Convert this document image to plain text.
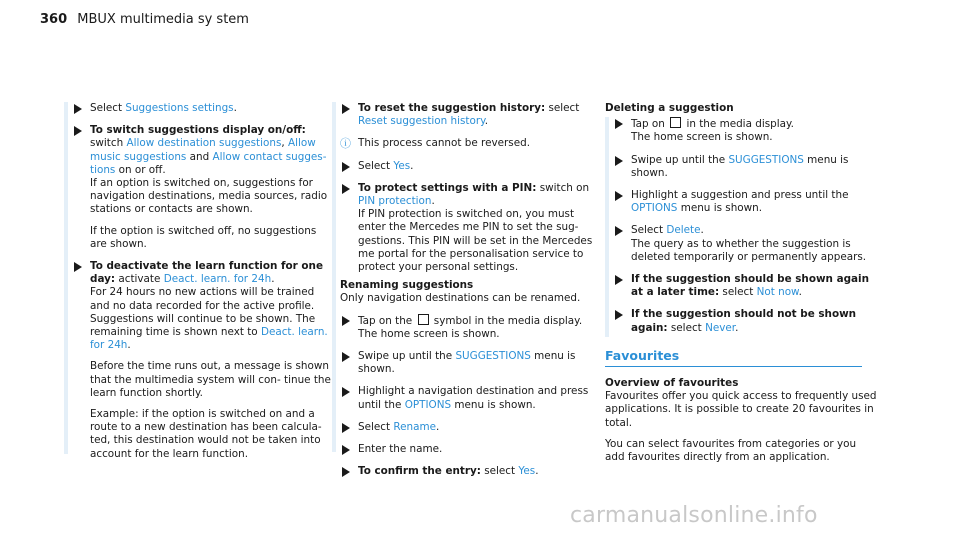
360 MBUX multimedia sy stem
Select Suggestions settings.
To switch suggestions display on/off:
switch Allow destination suggestions, Allow music suggestions and Allow contact sugges- tions on or off.

If an option is switched on, suggestions for navigation destinations, media sources, radio stations or contacts are shown.

If the option is switched off, no suggestions are shown.

To deactivate the learn function for one day: activate Deact. learn. for 24h.

For 24 hours no new actions will be trained and no data recorded for the active profile. Suggestions will continue to be shown. The remaining time is shown next to Deact. learn. for 24h.

Before the time runs out, a message is shown that the multimedia system will con- tinue the learn function shortly.

Example: if the option is switched on and a route to a new destination has been calcula- ted, this destination would not be taken into account for the learn function.

To reset the suggestion history: select Reset suggestion history.
ⓘ This process cannot be reversed.
Select Yes.
To protect settings with a PIN: switch on PIN protection.

If PIN protection is switched on, you must enter the Mercedes me PIN to set the sug- gestions. This PIN will be set in the Mercedes me portal for the personalisation service to protect your personal settings.

Renaming suggestions

Only navigation destinations can be renamed.

Tap on the  symbol in the media display.
The home screen is shown.
Swipe up until the SUGGESTIONS menu is shown.
Highlight a navigation destination and press until the OPTIONS menu is shown.
Select Rename.
Enter the name.
To confirm the entry: select Yes.
Deleting a suggestion
Tap on  in the media display.
The home screen is shown.
Swipe up until the SUGGESTIONS menu is shown.
Highlight a suggestion and press until the OPTIONS menu is shown.
Select Delete.
The query as to whether the suggestion is deleted temporarily or permanently appears.
If the suggestion should be shown again at a later time: select Not now.
If the suggestion should not be shown again: select Never.
Favourites
Overview of favourites

Favourites offer you quick access to frequently used applications. It is possible to create 20 favourites in total.

You can select favourites from categories or you add favourites directly from an application.

carmanualsonline.info
